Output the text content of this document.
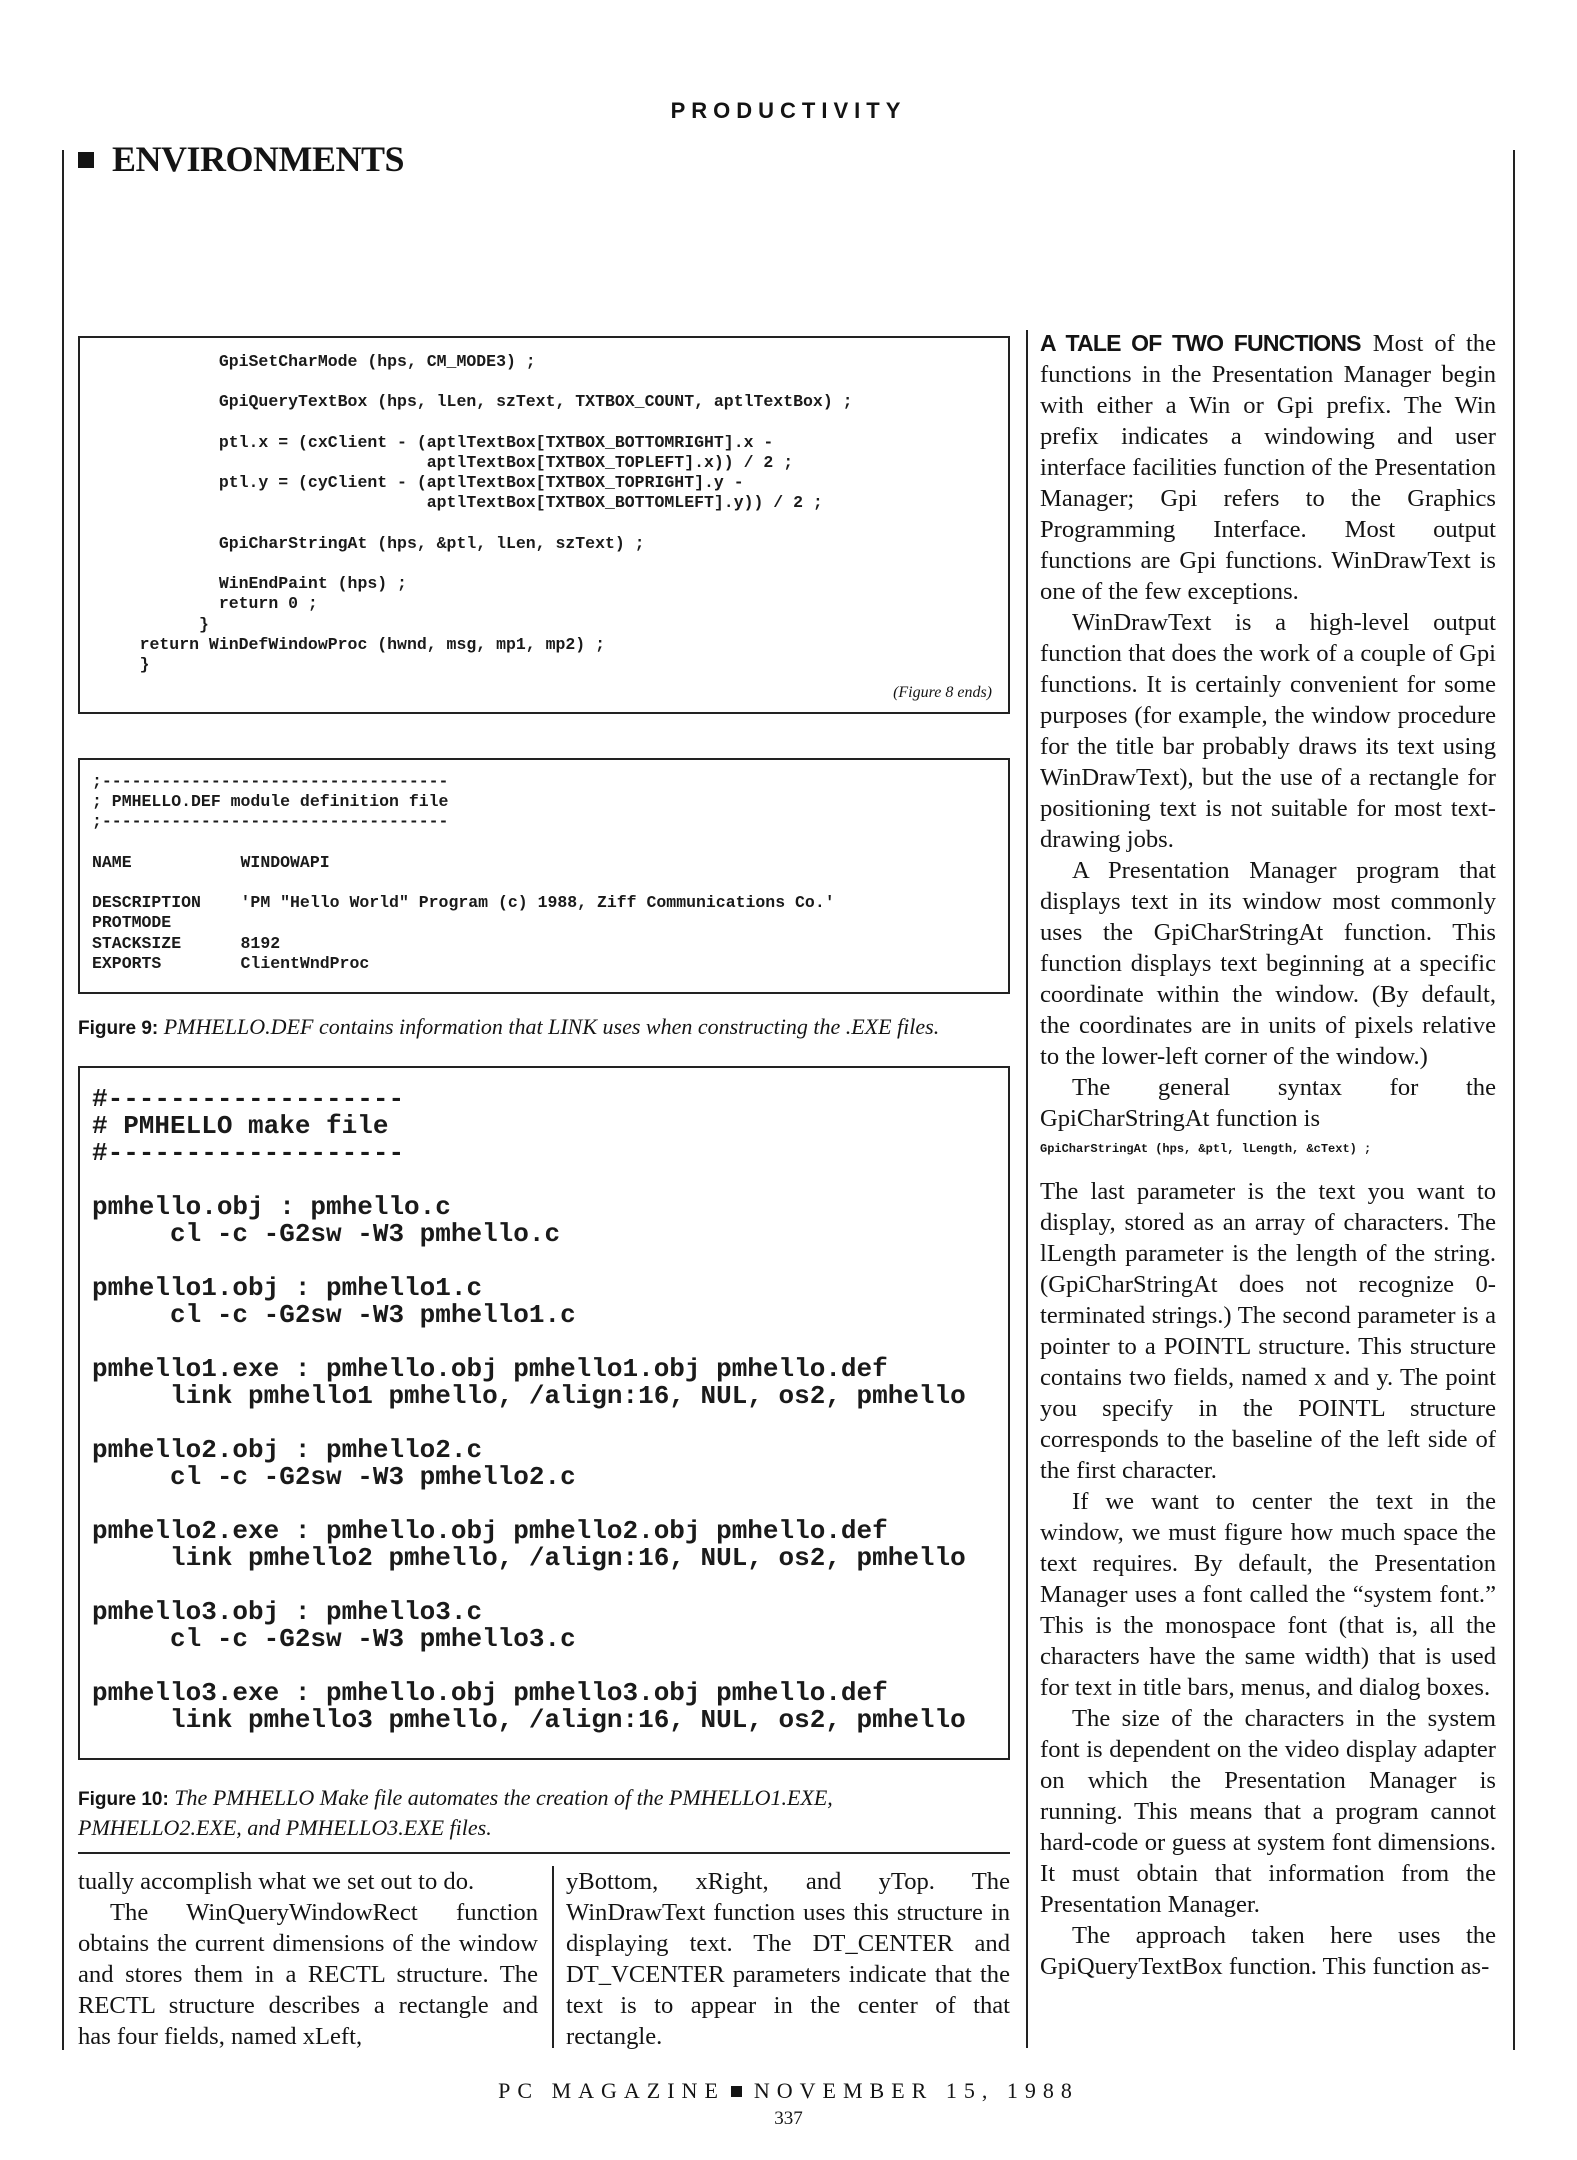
PRODUCTIVITY
ENVIRONMENTS
GpiSetCharMode (hps, CM_MODE3) ;

GpiQueryTextBox (hps, lLen, szText, TXTBOX_COUNT, aptlTextBox) ;

ptl.x = (cxClient - (aptlTextBox[TXTBOX_BOTTOMRIGHT].x -
aptlTextBox[TXTBOX_TOPLEFT].x)) / 2 ;
ptl.y = (cyClient - (aptlTextBox[TXTBOX_TOPRIGHT].y -
aptlTextBox[TXTBOX_BOTTOMLEFT].y)) / 2 ;

GpiCharStringAt (hps, &ptl, lLen, szText) ;

WinEndPaint (hps) ;
return 0 ;
}
return WinDefWindowProc (hwnd, msg, mp1, mp2) ;
}
(Figure 8 ends)
;-----------------------------------
; PMHELLO.DEF module definition file
;-----------------------------------

NAME           WINDOWAPI

DESCRIPTION    'PM "Hello World" Program (c) 1988, Ziff Communications Co.'
PROTMODE
STACKSIZE      8192
EXPORTS        ClientWndProc
Figure 9: PMHELLO.DEF contains information that LINK uses when constructing the .EXE files.
#-------------------
# PMHELLO make file
#-------------------

pmhello.obj : pmhello.c
cl -c -G2sw -W3 pmhello.c

pmhello1.obj : pmhello1.c
cl -c -G2sw -W3 pmhello1.c

pmhello1.exe : pmhello.obj pmhello1.obj pmhello.def
link pmhello1 pmhello, /align:16, NUL, os2, pmhello

pmhello2.obj : pmhello2.c
cl -c -G2sw -W3 pmhello2.c

pmhello2.exe : pmhello.obj pmhello2.obj pmhello.def
link pmhello2 pmhello, /align:16, NUL, os2, pmhello

pmhello3.obj : pmhello3.c
cl -c -G2sw -W3 pmhello3.c

pmhello3.exe : pmhello.obj pmhello3.obj pmhello.def
link pmhello3 pmhello, /align:16, NUL, os2, pmhello
Figure 10: The PMHELLO Make file automates the creation of the PMHELLO1.EXE, PMHELLO2.EXE, and PMHELLO3.EXE files.

tually accomplish what we set out to do.

The WinQueryWindowRect function obtains the current dimensions of the window and stores them in a RECTL structure. The RECTL structure describes a rectangle and has four fields, named xLeft,

yBottom, xRight, and yTop. The WinDrawText function uses this structure in displaying text. The DT_CENTER and DT_VCENTER parameters indicate that the text is to appear in the center of that rectangle.

A TALE OF TWO FUNCTIONS Most of the functions in the Presentation Manager begin with either a Win or Gpi prefix. The Win prefix indicates a windowing and user interface facilities function of the Presentation Manager; Gpi refers to the Graphics Programming Interface. Most output functions are Gpi functions. WinDrawText is one of the few exceptions.

WinDrawText is a high-level output function that does the work of a couple of Gpi functions. It is certainly convenient for some purposes (for example, the window procedure for the title bar probably draws its text using WinDrawText), but the use of a rectangle for positioning text is not suitable for most text-drawing jobs.

A Presentation Manager program that displays text in its window most commonly uses the GpiCharStringAt function. This function displays text beginning at a specific coordinate within the window. (By default, the coordinates are in units of pixels relative to the lower-left corner of the window.)

The general syntax for the GpiCharStringAt function is

GpiCharStringAt (hps, &ptl, lLength, &cText) ;

The last parameter is the text you want to display, stored as an array of characters. The lLength parameter is the length of the string. (GpiCharStringAt does not recognize 0-terminated strings.) The second parameter is a pointer to a POINTL structure. This structure contains two fields, named x and y. The point you specify in the POINTL structure corresponds to the baseline of the left side of the first character.

If we want to center the text in the window, we must figure how much space the text requires. By default, the Presentation Manager uses a font called the “system font.” This is the monospace font (that is, all the characters have the same width) that is used for text in title bars, menus, and dialog boxes.

The size of the characters in the system font is dependent on the video display adapter on which the Presentation Manager is running. This means that a program cannot hard-code or guess at system font dimensions. It must obtain that information from the Presentation Manager.

The approach taken here uses the GpiQueryTextBox function. This function as-

PC MAGAZINE NOVEMBER 15, 1988
337
